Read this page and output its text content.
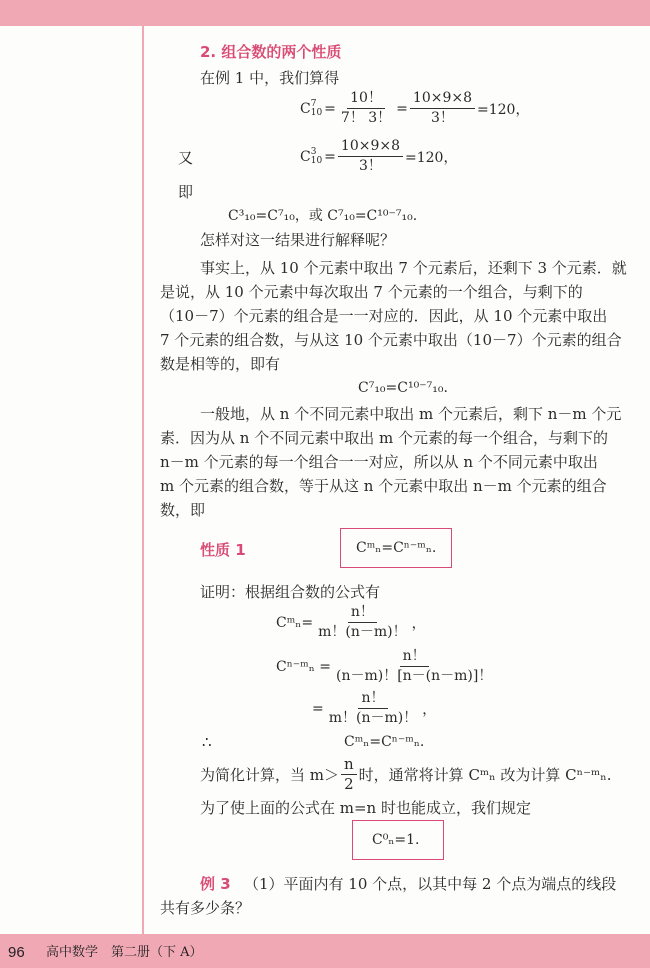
2. 组合数的两个性质
在例 1 中，我们算得
C 7
$10 = \frac{10!}{7! 3!} = \frac{10\times 9\times 8}{3!} =120$，
又	C 3
$10 = \frac{10\times 9\times 8}{3!} =120$，
即
C³₁₀=C⁷₁₀，或 C⁷₁₀=C¹⁰⁻⁷₁₀.
怎样对这一结果进行解释呢？
事实上，从 10 个元素中取出 7 个元素后，还剩下 3 个元素．就
是说，从 10 个元素中每次取出 7 个元素的一个组合，与剩下的
（10－7）个元素的组合是一一对应的．因此，从 10 个元素中取出
7 个元素的组合数，与从这 10 个元素中取出（10－7）个元素的组合
数是相等的，即有
C⁷₁₀=C¹⁰⁻⁷₁₀.
一般地，从 n 个不同元素中取出 m 个元素后，剩下 n－m 个元
素．因为从 n 个不同元素中取出 m 个元素的每一个组合，与剩下的
n－m 个元素的每一个组合一一对应，所以从 n 个不同元素中取出
m 个元素的组合数，等于从这 n 个元素中取出 n－m 个元素的组合
数，即
性质 1	Cᵐₙ=Cⁿ⁻ᵐₙ.
证明：根据组合数的公式有
Cᵐₙ= $\frac{n!}{m!(n-m)!}$ ，
Cⁿ⁻ᵐₙ = $\frac{n!}{(n-m)![n-(n-m)]!}$
= $\frac{n!}{m!(n-m)!}$ ，
∴	Cᵐₙ=Cⁿ⁻ᵐₙ.
为简化计算，当 $m> \frac{n}{2}$ 时，通常将计算 Cᵐₙ 改为计算 Cⁿ⁻ᵐₙ.
为了使上面的公式在 m=n 时也能成立，我们规定
C⁰ₙ=1.
例 3 （1）平面内有 10 个点，以其中每 2 个点为端点的线段
共有多少条？
96 高中数学　第二册（下 A）
